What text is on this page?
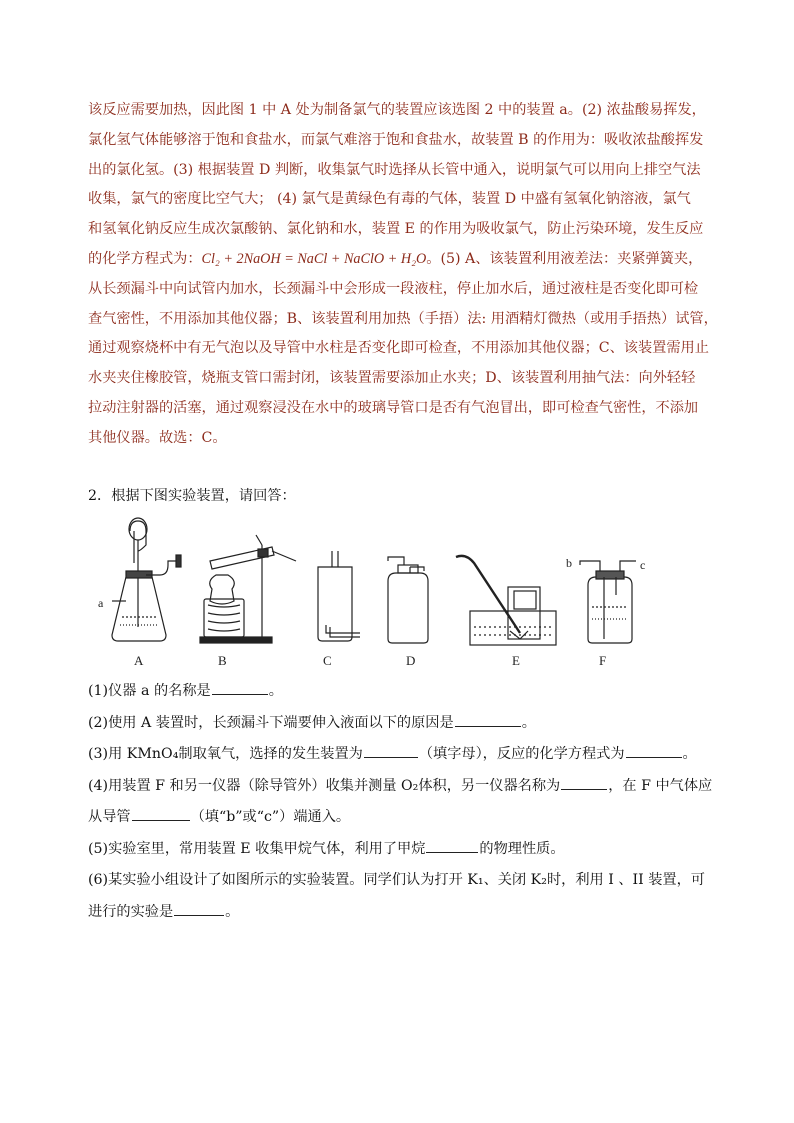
该反应需要加热，因此图 1 中 A 处为制备氯气的装置应该选图 2 中的装置 a。(2) 浓盐酸易挥发，
氯化氢气体能够溶于饱和食盐水，而氯气难溶于饱和食盐水，故装置 B 的作用为：吸收浓盐酸挥发
出的氯化氢。(3) 根据装置 D 判断，收集氯气时选择从长管中通入，说明氯气可以用向上排空气法
收集，氯气的密度比空气大； (4) 氯气是黄绿色有毒的气体，装置 D 中盛有氢氧化钠溶液，氯气
和氢氧化钠反应生成次氯酸钠、氯化钠和水，装置 E 的作用为吸收氯气，防止污染环境，发生反应
的化学方程式为：Cl₂ + 2NaOH = NaCl + NaClO + H₂O。(5) A、该装置利用液差法：夹紧弹簧夹，
从长颈漏斗中向试管内加水，长颈漏斗中会形成一段液柱，停止加水后，通过液柱是否变化即可检
查气密性，不用添加其他仪器；B、该装置利用加热（手捂）法: 用酒精灯微热（或用手捂热）试管，
通过观察烧杯中有无气泡以及导管中水柱是否变化即可检查，不用添加其他仪器；C、该装置需用止
水夹夹住橡胶管，烧瓶支管口需封闭，该装置需要添加止水夹；D、该装置利用抽气法：向外轻轻
拉动注射器的活塞，通过观察浸没在水中的玻璃导管口是否有气泡冒出，即可检查气密性，不添加
其他仪器。故选：C。
2．根据下图实验装置，请回答：
a
b	c
A	B	C	D	E	F
(1)仪器 a 的名称是	。
(2)使用 A 装置时，长颈漏斗下端要伸入液面以下的原因是	。
(3)用 KMnO₄制取氧气，选择的发生装置为	（填字母），反应的化学方程式为	。
(4)用装置 F 和另一仪器（除导管外）收集并测量 O₂体积，另一仪器名称为	，在 F 中气体应
从导管	（填“b”或“c”）端通入。
(5)实验室里，常用装置 E 收集甲烷气体，利用了甲烷	的物理性质。
(6)某实验小组设计了如图所示的实验装置。同学们认为打开 K₁、关闭 K₂时，利用 I 、II 装置，可
进行的实验是	。
